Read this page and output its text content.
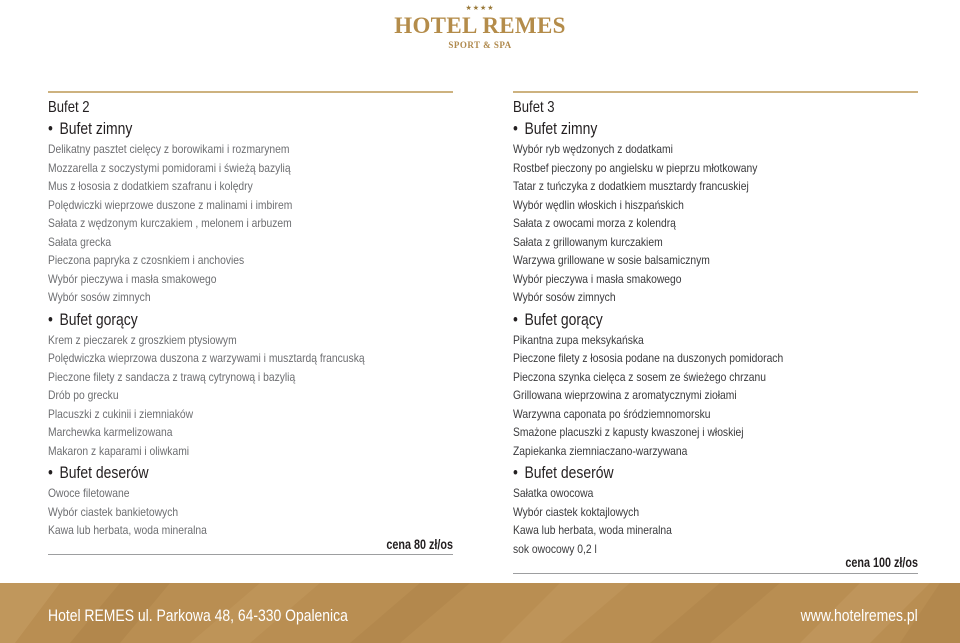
★★★★
HOTEL REMES
SPORT & SPA
Bufet 2
• Bufet zimny
Delikatny pasztet cielęcy z borowikami i rozmarynem
Mozzarella z soczystymi pomidorami i świeżą bazylią
Mus z łososia z dodatkiem szafranu i kolędry
Polędwiczki wieprzowe duszone z malinami i imbirem
Sałata z wędzonym kurczakiem , melonem i arbuzem
Sałata grecka
Pieczona papryka z czosnkiem i anchovies
Wybór pieczywa i masła smakowego
Wybór sosów zimnych
• Bufet gorący
Krem z pieczarek z groszkiem ptysiowym
Polędwiczka wieprzowa duszona z warzywami i musztardą francuską
Pieczone filety z sandacza z trawą cytrynową i bazylią
Drób po grecku
Placuszki z cukinii i ziemniaków
Marchewka karmelizowana
Makaron z kaparami i oliwkami
• Bufet deserów
Owoce filetowane
Wybór ciastek bankietowych
Kawa lub herbata, woda mineralna
cena 80 zł/os
Bufet 3
• Bufet zimny
Wybór ryb wędzonych z dodatkami
Rostbef pieczony po angielsku w pieprzu młotkowany
Tatar z tuńczyka z dodatkiem musztardy francuskiej
Wybór wędlin włoskich i hiszpańskich
Sałata z owocami morza z kolendrą
Sałata z grillowanym kurczakiem
Warzywa grillowane w sosie balsamicznym
Wybór pieczywa i masła smakowego
Wybór sosów zimnych
• Bufet gorący
Pikantna zupa meksykańska
Pieczone filety z łososia podane na duszonych pomidorach
Pieczona szynka cielęca z sosem ze świeżego chrzanu
Grillowana wieprzowina z aromatycznymi ziołami
Warzywna caponata po śródziemnomorsku
Smażone placuszki z kapusty kwaszonej i włoskiej
Zapiekanka ziemniaczano-warzywana
• Bufet deserów
Sałatka owocowa
Wybór ciastek koktajlowych
Kawa lub herbata, woda mineralna
sok owocowy 0,2 l
cena 100 zł/os
Hotel REMES ul. Parkowa 48, 64-330 Opalenica	www.hotelremes.pl
